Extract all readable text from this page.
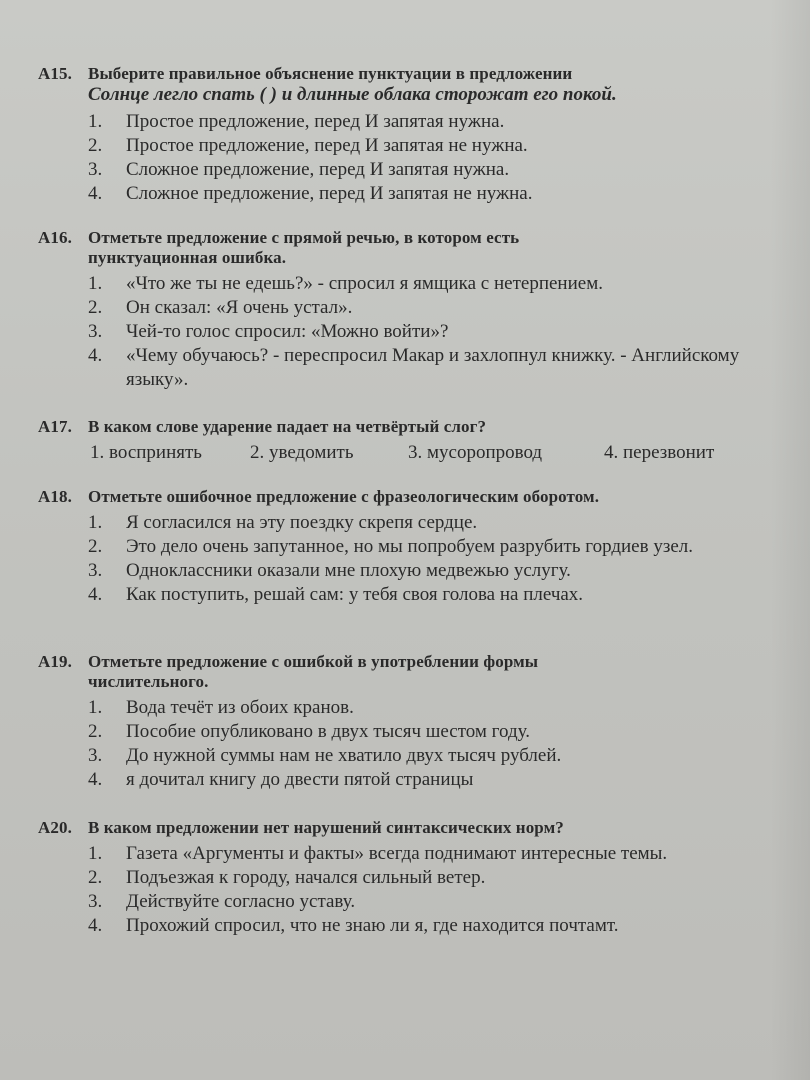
A15. Выберите правильное объяснение пунктуации в предложении
Солнце легло спать ( ) и длинные облака сторожат его покой.
1.	Простое предложение, перед И запятая нужна.
2.	Простое предложение, перед И запятая не нужна.
3.	Сложное предложение, перед И запятая нужна.
4.	Сложное предложение, перед И запятая не нужна.
A16. Отметьте предложение с прямой речью, в котором есть
пунктуационная ошибка.
1.	«Что же ты не едешь?» - спросил я ямщика с нетерпением.
2.	Он сказал: «Я очень устал».
3.	Чей-то голос спросил: «Можно войти»?
4.	«Чему обучаюсь? - переспросил Макар и захлопнул книжку. - Английскому языку».
A17. В каком слове ударение падает на четвёртый слог?
1. воспринять	2. уведомить	3. мусоропровод	4. перезвонит
A18. Отметьте ошибочное предложение с фразеологическим оборотом.
1.	Я согласился на эту поездку скрепя сердце.
2.	Это дело очень запутанное, но мы попробуем разрубить гордиев узел.
3.	Одноклассники оказали мне плохую медвежью услугу.
4.	Как поступить, решай сам: у тебя своя голова на плечах.
A19. Отметьте предложение с ошибкой в употреблении формы
числительного.
1.	Вода течёт из обоих кранов.
2.	Пособие опубликовано в двух тысяч шестом году.
3.	До нужной суммы нам не хватило двух тысяч рублей.
4.	я дочитал книгу до двести пятой страницы
A20. В каком предложении нет нарушений синтаксических норм?
1.	Газета «Аргументы и факты» всегда поднимают интересные темы.
2.	Подъезжая к городу, начался сильный ветер.
3.	Действуйте согласно уставу.
4.	Прохожий спросил, что не знаю ли я, где находится почтамт.
